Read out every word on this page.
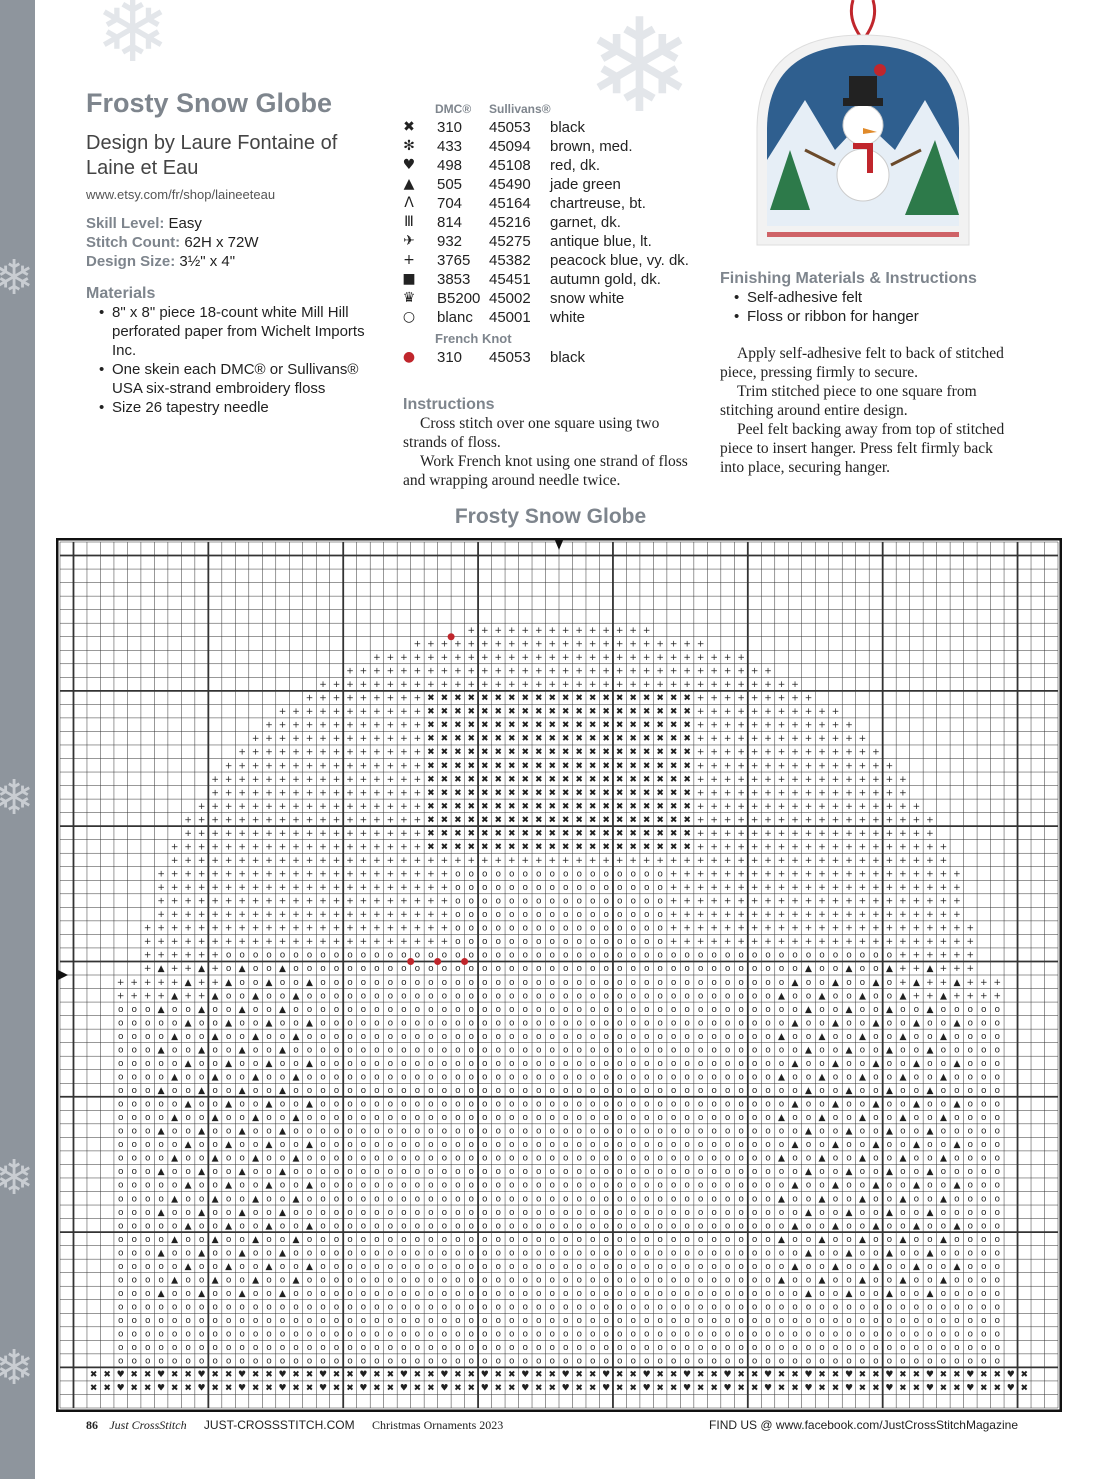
❄
❄
❄
❄
❄	❄
Frosty Snow Globe
Design by Laure Fontaine of Laine et Eau
www.etsy.com/fr/shop/laineeteau
Skill Level: Easy
Stitch Count: 62H x 72W
Design Size: 3½" x 4"
Materials
• 8" x 8" piece 18-count white Mill Hill perforated paper from Wichelt Imports Inc.
• One skein each DMC® or Sullivans® USA six-strand embroidery floss
• Size 26 tapestry needle
DMC® Sullivans®
✖ 310 45053 black
✻ 433 45094 brown, med.
♥ 498 45108 red, dk.
▲ 505 45490 jade green
Λ 704 45164 chartreuse, bt.
Ⅲ 814 45216 garnet, dk.
✈ 932 45275 antique blue, lt.
+ 3765 45382 peacock blue, vy. dk.
■ 3853 45451 autumn gold, dk.
♛ B5200 45002 snow white
○ blanc 45001 white
French Knot
● 310 45053 black
Instructions

Cross stitch over one square using two strands of floss.

Work French knot using one strand of floss and wrapping around needle twice.

Finishing Materials & Instructions
• Self-adhesive felt
• Floss or ribbon for hanger

Apply self-adhesive felt to back of stitched piece, pressing firmly to secure.

Trim stitched piece to one square from stitching around entire design.

Peel felt backing away from top of stitched piece to insert hanger. Press felt firmly back into place, securing hanger.

Frosty Snow Globe
+ + + + + + + + + + + + + +
+ + + + + + + + + + + + + + + + + + + + + +
+ + + + + + + + + + + + + + + + + + + + + + + + + + + +
+ + + + + + + + + + + + + + + + + + + + + + + + + + + + + + + +
+ + + + + + + + + + + + + + + + + + + + + + + + + + + + + + + + + + + +
+ + + + + + + + + ✖ ✖ ✖ ✖ ✖ ✖ ✖ ✖ ✖ ✖ ✖ ✖ ✖ ✖ ✖ ✖ ✖ ✖ ✖ ✖ + + + + + + + + +
+ + + + + + + + + + + ✖ ✖ ✖ ✖ ✖ ✖ ✖ ✖ ✖ ✖ ✖ ✖ ✖ ✖ ✖ ✖ ✖ ✖ ✖ ✖ + + + + + + + + + + +
+ + + + + + + + + + + + ✖ ✖ ✖ ✖ ✖ ✖ ✖ ✖ ✖ ✖ ✖ ✖ ✖ ✖ ✖ ✖ ✖ ✖ ✖ ✖ + + + + + + + + + + + +
+ + + + + + + + + + + + + ✖ ✖ ✖ ✖ ✖ ✖ ✖ ✖ ✖ ✖ ✖ ✖ ✖ ✖ ✖ ✖ ✖ ✖ ✖ ✖ + + + + + + + + + + + + +
+ + + + + + + + + + + + + + ✖ ✖ ✖ ✖ ✖ ✖ ✖ ✖ ✖ ✖ ✖ ✖ ✖ ✖ ✖ ✖ ✖ ✖ ✖ ✖ + + + + + + + + + + + + + +
+ + + + + + + + + + + + + + + ✖ ✖ ✖ ✖ ✖ ✖ ✖ ✖ ✖ ✖ ✖ ✖ ✖ ✖ ✖ ✖ ✖ ✖ ✖ ✖ + + + + + + + + + + + + + + +
+ + + + + + + + + + + + + + + + ✖ ✖ ✖ ✖ ✖ ✖ ✖ ✖ ✖ ✖ ✖ ✖ ✖ ✖ ✖ ✖ ✖ ✖ ✖ ✖ + + + + + + + + + + + + + + + +
+ + + + + + + + + + + + + + + + ✖ ✖ ✖ ✖ ✖ ✖ ✖ ✖ ✖ ✖ ✖ ✖ ✖ ✖ ✖ ✖ ✖ ✖ ✖ ✖ + + + + + + + + + + + + + + + +
+ + + + + + + + + + + + + + + + + ✖ ✖ ✖ ✖ ✖ ✖ ✖ ✖ ✖ ✖ ✖ ✖ ✖ ✖ ✖ ✖ ✖ ✖ ✖ ✖ + + + + + + + + + + + + + + + + +
+ + + + + + + + + + + + + + + + + + ✖ ✖ ✖ ✖ ✖ ✖ ✖ ✖ ✖ ✖ ✖ ✖ ✖ ✖ ✖ ✖ ✖ ✖ ✖ ✖ + + + + + + + + + + + + + + + + + +
+ + + + + + + + + + + + + + + + + + ✖ ✖ ✖ ✖ ✖ ✖ ✖ ✖ ✖ ✖ ✖ ✖ ✖ ✖ ✖ ✖ ✖ ✖ ✖ ✖ + + + + + + + + + + + + + + + + + +
+ + + + + + + + + + + + + + + + + + + ✖ ✖ ✖ ✖ ✖ ✖ ✖ ✖ ✖ ✖ ✖ ✖ ✖ ✖ ✖ ✖ ✖ ✖ ✖ ✖ + + + + + + + + + + + + + + + + + + +
+ + + + + + + + + + + + + + + + + + + + + + + + + + + + + + + + + + + + + + + + + + + + + + + + + + + + + + + + + +
+ + + + + + + + + + + + + + + + + + + + + + o o o o o o o o o o o o o o o o + + + + + + + + + + + + + + + + + + + + + +
+ + + + + + + + + + + + + + + + + + + + + + o o o o o o o o o o o o o o o o + + + + + + + + + + + + + + + + + + + + + +
+ + + + + + + + + + + + + + + + + + + + + + o o o o o o o o o o o o o o o o + + + + + + + + + + + + + + + + + + + + + +
+ + + + + + + + + + + + + + + + + + + + + + o o o o o o o o o o o o o o o o + + + + + + + + + + + + + + + + + + + + + +
+ + + + + + + + + + + + + + + + + + + + + + + o o o o o o o o o o o o o o o o + + + + + + + + + + + + + + + + + + + + + + +
+ + + + + + + + + + + + + + + + + + + + + + + o o o o o o o o o o o o o o o o + + + + + + + + + + + + + + + + + + + + + + +
+ + + + + + o o o o o o o o o o o o o o o o o o o o o o o o o o o o o o o o o o o o o o o o o o o o o o o o o o + + + + + +
+ ▲ + + ▲ + o ▲ o o ▲ o o o o o o o o o o o o o o o o o o o o o o o o o o o o o o o o o o o o o o ▲ o o ▲ o o ▲ + + ▲ + + +
+ + + + + ▲ + + ▲ o o ▲ o o ▲ o o o o o o o o o o o o o o o o o o o o o o o o o o o o o o o o o o o ▲ o o ▲ o o ▲ o + ▲ + + ▲ + + +
+ + + + ▲ + + ▲ o o ▲ o o ▲ o o o o o o o o o o o o o o o o o o o o o o o o o o o o o o o o o o o ▲ o o ▲ o o ▲ o o ▲ + + ▲ + + + +
o o o ▲ o o ▲ o o ▲ o o ▲ o o o o o o o o o o o o o o o o o o o o o o o o o o o o o o o o o o o o o o ▲ o o ▲ o o ▲ o o ▲ o o o o o
o o o o o ▲ o o ▲ o o ▲ o o ▲ o o o o o o o o o o o o o o o o o o o o o o o o o o o o o o o o o o o ▲ o o ▲ o o ▲ o o ▲ o o ▲ o o o
o o o o ▲ o o ▲ o o ▲ o o ▲ o o o o o o o o o o o o o o o o o o o o o o o o o o o o o o o o o o o ▲ o o ▲ o o ▲ o o ▲ o o ▲ o o o o
o o o ▲ o o ▲ o o ▲ o o ▲ o o o o o o o o o o o o o o o o o o o o o o o o o o o o o o o o o o o o o o ▲ o o ▲ o o ▲ o o ▲ o o o o o
o o o o o ▲ o o ▲ o o ▲ o o ▲ o o o o o o o o o o o o o o o o o o o o o o o o o o o o o o o o o o o ▲ o o ▲ o o ▲ o o ▲ o o ▲ o o o
o o o o ▲ o o ▲ o o ▲ o o ▲ o o o o o o o o o o o o o o o o o o o o o o o o o o o o o o o o o o o ▲ o o ▲ o o ▲ o o ▲ o o ▲ o o o o
o o o ▲ o o ▲ o o ▲ o o ▲ o o o o o o o o o o o o o o o o o o o o o o o o o o o o o o o o o o o o o o ▲ o o ▲ o o ▲ o o ▲ o o o o o
o o o o o ▲ o o ▲ o o ▲ o o ▲ o o o o o o o o o o o o o o o o o o o o o o o o o o o o o o o o o o o ▲ o o ▲ o o ▲ o o ▲ o o ▲ o o o
o o o o ▲ o o ▲ o o ▲ o o ▲ o o o o o o o o o o o o o o o o o o o o o o o o o o o o o o o o o o o ▲ o o ▲ o o ▲ o o ▲ o o ▲ o o o o
o o o ▲ o o ▲ o o ▲ o o ▲ o o o o o o o o o o o o o o o o o o o o o o o o o o o o o o o o o o o o o o ▲ o o ▲ o o ▲ o o ▲ o o o o o
o o o o o ▲ o o ▲ o o ▲ o o ▲ o o o o o o o o o o o o o o o o o o o o o o o o o o o o o o o o o o o ▲ o o ▲ o o ▲ o o ▲ o o ▲ o o o
o o o o ▲ o o ▲ o o ▲ o o ▲ o o o o o o o o o o o o o o o o o o o o o o o o o o o o o o o o o o o ▲ o o ▲ o o ▲ o o ▲ o o ▲ o o o o
o o o ▲ o o ▲ o o ▲ o o ▲ o o o o o o o o o o o o o o o o o o o o o o o o o o o o o o o o o o o o o o ▲ o o ▲ o o ▲ o o ▲ o o o o o
o o o o o ▲ o o ▲ o o ▲ o o ▲ o o o o o o o o o o o o o o o o o o o o o o o o o o o o o o o o o o o ▲ o o ▲ o o ▲ o o ▲ o o ▲ o o o
o o o o ▲ o o ▲ o o ▲ o o ▲ o o o o o o o o o o o o o o o o o o o o o o o o o o o o o o o o o o o ▲ o o ▲ o o ▲ o o ▲ o o ▲ o o o o
o o o ▲ o o ▲ o o ▲ o o ▲ o o o o o o o o o o o o o o o o o o o o o o o o o o o o o o o o o o o o o o ▲ o o ▲ o o ▲ o o ▲ o o o o o
o o o o o ▲ o o ▲ o o ▲ o o ▲ o o o o o o o o o o o o o o o o o o o o o o o o o o o o o o o o o o o ▲ o o ▲ o o ▲ o o ▲ o o ▲ o o o
o o o o ▲ o o ▲ o o ▲ o o ▲ o o o o o o o o o o o o o o o o o o o o o o o o o o o o o o o o o o o ▲ o o ▲ o o ▲ o o ▲ o o ▲ o o o o
o o o ▲ o o ▲ o o ▲ o o ▲ o o o o o o o o o o o o o o o o o o o o o o o o o o o o o o o o o o o o o o ▲ o o ▲ o o ▲ o o ▲ o o o o o
o o o o o ▲ o o ▲ o o ▲ o o ▲ o o o o o o o o o o o o o o o o o o o o o o o o o o o o o o o o o o o ▲ o o ▲ o o ▲ o o ▲ o o ▲ o o o
o o o o ▲ o o ▲ o o ▲ o o ▲ o o o o o o o o o o o o o o o o o o o o o o o o o o o o o o o o o o o ▲ o o ▲ o o ▲ o o ▲ o o ▲ o o o o
o o o ▲ o o ▲ o o ▲ o o ▲ o o o o o o o o o o o o o o o o o o o o o o o o o o o o o o o o o o o o o o ▲ o o ▲ o o ▲ o o ▲ o o o o o
o o o o o o o o o o o o o o o o o o o o o o o o o o o o o o o o o o o o o o o o o o o o o o o o o o o o o o o o o o o o o o o o o o
o o o o o o o o o o o o o o o o o o o o o o o o o o o o o o o o o o o o o o o o o o o o o o o o o o o o o o o o o o o o o o o o o o
o o o o o o o o o o o o o o o o o o o o o o o o o o o o o o o o o o o o o o o o o o o o o o o o o o o o o o o o o o o o o o o o o o
o o o o o o o o o o o o o o o o o o o o o o o o o o o o o o o o o o o o o o o o o o o o o o o o o o o o o o o o o o o o o o o o o o
o o o o o o o o o o o o o o o o o o o o o o o o o o o o o o o o o o o o o o o o o o o o o o o o o o o o o o o o o o o o o o o o o o
✖ ✖ ♥ ✖ ✖ ♥ ✖ ✖ ♥ ✖ ✖ ♥ ✖ ✖ ♥ ✖ ✖ ♥ ✖ ✖ ♥ ✖ ✖ ♥ ✖ ✖ ♥ ✖ ✖ ♥ ✖ ✖ ♥ ✖ ✖ ♥ ✖ ✖ ♥ ✖ ✖ ♥ ✖ ✖ ♥ ✖ ✖ ♥ ✖ ✖ ♥ ✖ ✖ ♥ ✖ ✖ ♥ ✖ ✖ ♥ ✖ ✖ ♥ ✖ ✖ ♥ ✖ ✖ ♥ ✖
✖ ✖ ♥ ✖ ✖ ♥ ✖ ✖ ♥ ✖ ✖ ♥ ✖ ✖ ♥ ✖ ✖ ♥ ✖ ✖ ♥ ✖ ✖ ♥ ✖ ✖ ♥ ✖ ✖ ♥ ✖ ✖ ♥ ✖ ✖ ♥ ✖ ✖ ♥ ✖ ✖ ♥ ✖ ✖ ♥ ✖ ✖ ♥ ✖ ✖ ♥ ✖ ✖ ♥ ✖ ✖ ♥ ✖ ✖ ♥ ✖ ✖ ♥ ✖ ✖ ♥ ✖ ✖ ♥ ✖
86 Just CrossStitch JUST-CROSSSTITCH.COM Christmas Ornaments 2023	FIND US @ www.facebook.com/JustCrossStitchMagazine
